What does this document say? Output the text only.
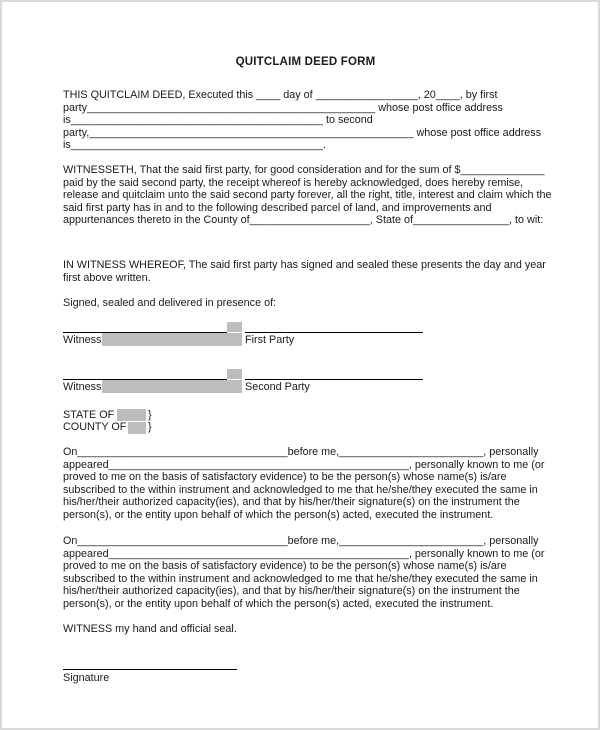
QUITCLAIM DEED FORM
THIS QUITCLAIM DEED, Executed this ____ day of _________________, 20____, by first
party________________________________________________ whose post office address
is__________________________________________ to second
party,______________________________________________________ whose post office address
is__________________________________________.
WITNESSETH, That the said first party, for good consideration and for the sum of $______________
paid by the said second party, the receipt whereof is hereby acknowledged, does hereby remise,
release and quitclaim unto the said second party forever, all the right, title, interest and claim which the
said first party has in and to the following described parcel of land, and improvements and
appurtenances thereto in the County of____________________, State of________________, to wit:
IN WITNESS WHEREOF, The said first party has signed and sealed these presents the day and year
first above written.
Signed, sealed and delivered in presence of:
Witness	First Party
Witness	Second Party
STATE OF	}
COUNTY OF }
On___________________________________before me,________________________, personally
appeared__________________________________________________, personally known to me (or
proved to me on the basis of satisfactory evidence) to be the person(s) whose name(s) is/are
subscribed to the within instrument and acknowledged to me that he/she/they executed the same in
his/her/their authorized capacity(ies), and that by his/her/their signature(s) on the instrument the
person(s), or the entity upon behalf of which the person(s) acted, executed the instrument.
On___________________________________before me,________________________, personally
appeared__________________________________________________, personally known to me (or
proved to me on the basis of satisfactory evidence) to be the person(s) whose name(s) is/are
subscribed to the within instrument and acknowledged to me that he/she/they executed the same in
his/her/their authorized capacity(ies), and that by his/her/their signature(s) on the instrument the
person(s), or the entity upon behalf of which the person(s) acted, executed the instrument.
WITNESS my hand and official seal.
Signature
